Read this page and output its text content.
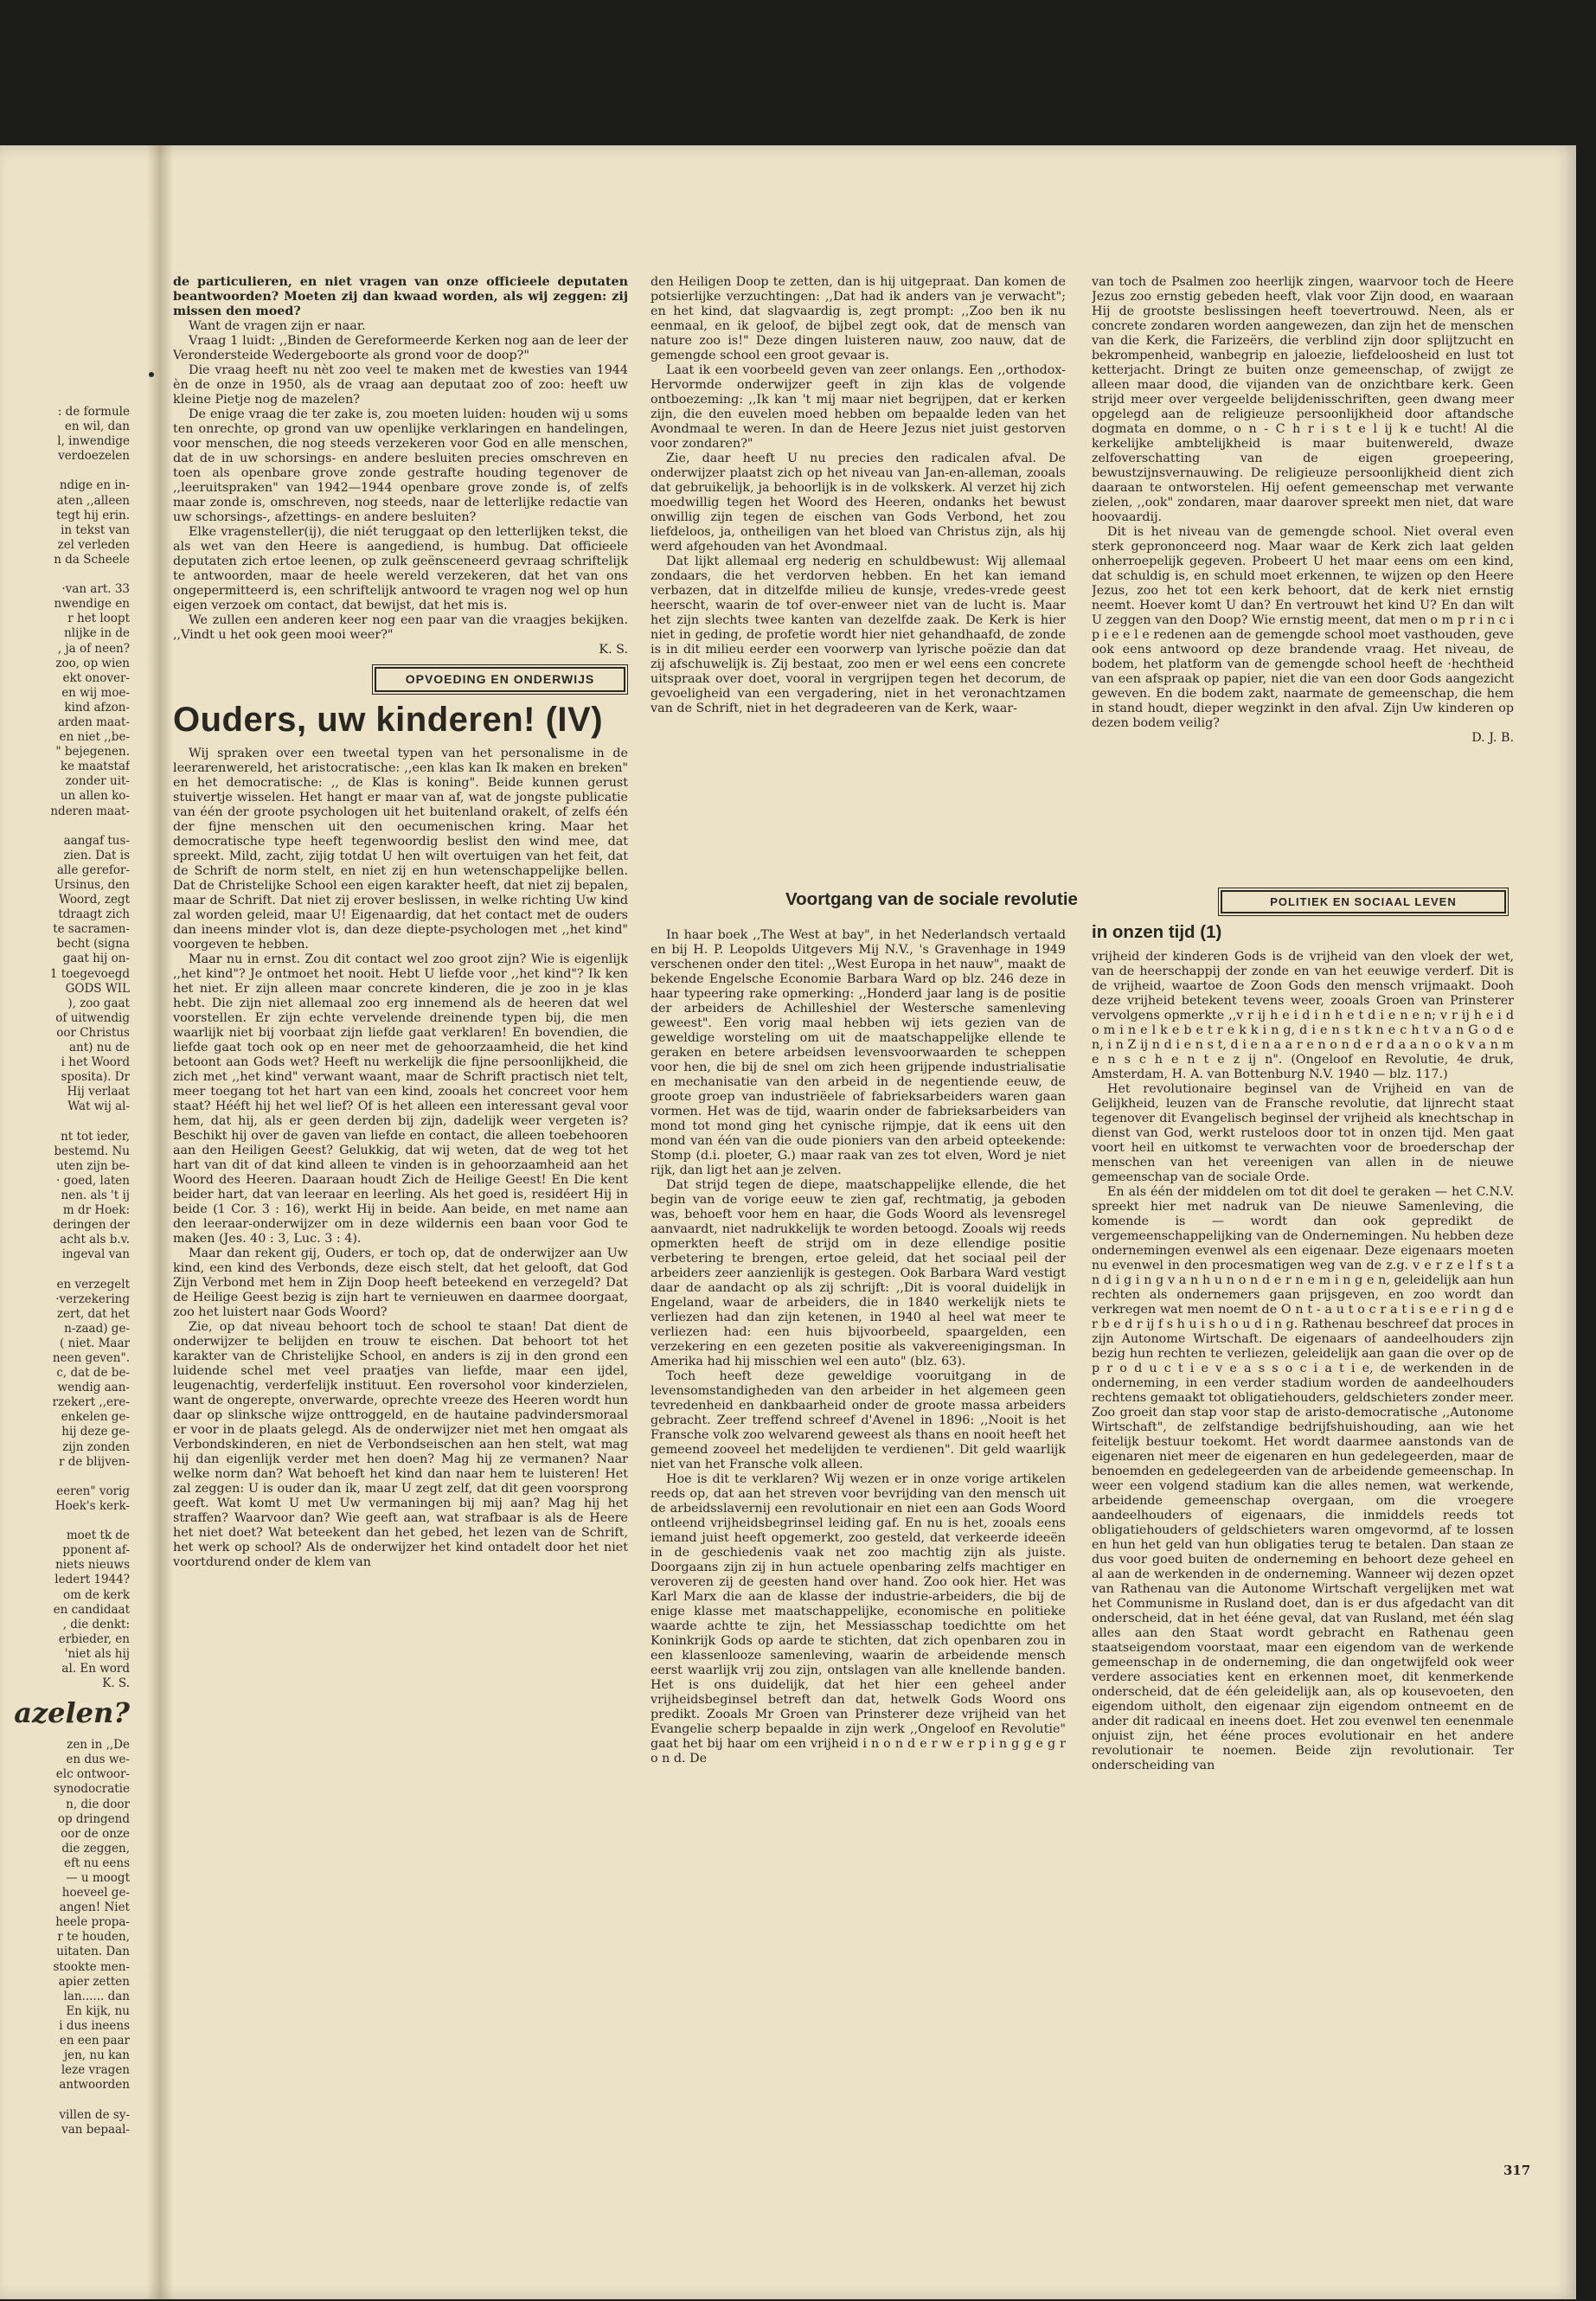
: de formule
en wil, dan
l, inwendige
verdoezelen

ndige en in-
aten ,,alleen
tegt hij erin.
in tekst van
zel verleden
n da Scheele

·van art. 33
nwendige en
r het loopt
nlijke in de
, ja of neen?
zoo, op wien
ekt onover-
en wij moe-
kind afzon-
arden maat-
en niet ,,be-
" bejegenen.
ke maatstaf
zonder uit-
un allen ko-
nderen maat-

aangaf tus-
zien. Dat is
alle gerefor-
Ursinus, den
Woord, zegt
tdraagt zich
te sacramen-
becht (signa
gaat hij on-
1 toegevoegd
GODS WIL
), zoo gaat
of uitwendig
oor Christus
ant) nu de
i het Woord
sposita). Dr
Hij verlaat
Wat wij al-

nt tot ieder,
bestemd. Nu
uten zijn be-
· goed, laten
nen. als 't ij
m dr Hoek:
deringen der
acht als b.v.
ingeval van

en verzegelt
·verzekering
zert, dat het
n-zaad) ge-
( niet. Maar
neen geven".
c, dat de be-
wendig aan-
rzekert ,,ere-
enkelen ge-
hij deze ge-
zijn zonden
r de blijven-

eeren" vorig
Hoek's kerk-

moet tk de
pponent af-
niets nieuws
ledert 1944?
om de kerk
en candidaat
, die denkt:
erbieder, en
'niet als hij
al. En word
K. S.
azelen?
zen in ,,De
en dus we-
elc ontwoor-
synodocratie
n, die door
op dringend
oor de onze
die zeggen,
eft nu eens
— u moogt
hoeveel ge-
angen! Niet
heele propa-
r te houden,
uitaten. Dan
stookte men-
apier zetten
lan...... dan
En kijk, nu
i dus ineens
en een paar
jen, nu kan
leze vragen
antwoorden

villen de sy-
van bepaal-

de particulieren, en niet vragen van onze officieele deputaten beantwoorden? Moeten zij dan kwaad worden, als wij zeggen: zij missen den moed?

Want de vragen zijn er naar.

Vraag 1 luidt: ,,Binden de Gereformeerde Kerken nog aan de leer der Verondersteide Wedergeboorte als grond voor de doop?"

Die vraag heeft nu nèt zoo veel te maken met de kwesties van 1944 èn de onze in 1950, als de vraag aan deputaat zoo of zoo: heeft uw kleine Pietje nog de mazelen?

De enige vraag die ter zake is, zou moeten luiden: houden wij u soms ten onrechte, op grond van uw openlijke verklaringen en handelingen, voor menschen, die nog steeds verzekeren voor God en alle menschen, dat de in uw schorsings- en andere besluiten precies omschreven en toen als openbare grove zonde gestrafte houding tegenover de ,,leeruitspraken" van 1942—1944 openbare grove zonde is, of zelfs maar zonde is, omschreven, nog steeds, naar de letterlijke redactie van uw schorsings-, afzettings- en andere besluiten?

Elke vragensteller(ij), die niét teruggaat op den letterlijken tekst, die als wet van den Heere is aangediend, is humbug. Dat officieele deputaten zich ertoe leenen, op zulk geënsceneerd gevraag schriftelijk te antwoorden, maar de heele wereld verzekeren, dat het van ons ongepermitteerd is, een schriftelijk antwoord te vragen nog wel op hun eigen verzoek om contact, dat bewijst, dat het mis is.

We zullen een anderen keer nog een paar van die vraagjes bekijken. ,,Vindt u het ook geen mooi weer?"

K. S.
OPVOEDING EN ONDERWIJS
Ouders, uw kinderen! (IV)

Wij spraken over een tweetal typen van het personalisme in de leerarenwereld, het aristocratische: ,,een klas kan Ik maken en breken" en het democratische: ,, de Klas is koning". Beide kunnen gerust stuivertje wisselen. Het hangt er maar van af, wat de jongste publicatie van één der groote psychologen uit het buitenland orakelt, of zelfs één der fijne menschen uit den oecumenischen kring. Maar het democratische type heeft tegenwoordig beslist den wind mee, dat spreekt. Mild, zacht, zijig totdat U hen wilt overtuigen van het feit, dat de Schrift de norm stelt, en niet zij en hun wetenschappelijke bellen. Dat de Christelijke School een eigen karakter heeft, dat niet zij bepalen, maar de Schrift. Dat niet zij erover beslissen, in welke richting Uw kind zal worden geleid, maar U! Eigenaardig, dat het contact met de ouders dan ineens minder vlot is, dan deze diepte-psychologen met ,,het kind" voorgeven te hebben.

Maar nu in ernst. Zou dit contact wel zoo groot zijn? Wie is eigenlijk ,,het kind"? Je ontmoet het nooit. Hebt U liefde voor ,,het kind"? Ik ken het niet. Er zijn alleen maar concrete kinderen, die je zoo in je klas hebt. Die zijn niet allemaal zoo erg innemend als de heeren dat wel voorstellen. Er zijn echte vervelende dreinende typen bij, die men waarlijk niet bij voorbaat zijn liefde gaat verklaren! En bovendien, die liefde gaat toch ook op en neer met de gehoorzaamheid, die het kind betoont aan Gods wet? Heeft nu werkelijk die fijne persoonlijkheid, die zich met ,,het kind" verwant waant, maar de Schrift practisch niet telt, meer toegang tot het hart van een kind, zooals het concreet voor hem staat? Hééft hij het wel lief? Of is het alleen een interessant geval voor hem, dat hij, als er geen derden bij zijn, dadelijk weer vergeten is? Beschikt hij over de gaven van liefde en contact, die alleen toebehooren aan den Heiligen Geest? Gelukkig, dat wij weten, dat de weg tot het hart van dit of dat kind alleen te vinden is in gehoorzaamheid aan het Woord des Heeren. Daaraan houdt Zich de Heilige Geest! En Die kent beider hart, dat van leeraar en leerling. Als het goed is, residéert Hij in beide (1 Cor. 3 : 16), werkt Hij in beide. Aan beide, en met name aan den leeraar-onderwijzer om in deze wildernis een baan voor God te maken (Jes. 40 : 3, Luc. 3 : 4).

Maar dan rekent gij, Ouders, er toch op, dat de onderwijzer aan Uw kind, een kind des Verbonds, deze eisch stelt, dat het gelooft, dat God Zijn Verbond met hem in Zijn Doop heeft beteekend en verzegeld? Dat de Heilige Geest bezig is zijn hart te vernieuwen en daarmee doorgaat, zoo het luistert naar Gods Woord?

Zie, op dat niveau behoort toch de school te staan! Dat dient de onderwijzer te belijden en trouw te eischen. Dat behoort tot het karakter van de Christelijke School, en anders is zij in den grond een luidende schel met veel praatjes van liefde, maar een ijdel, leugenachtig, verderfelijk instituut. Een roversohol voor kinderzielen, want de ongerepte, onverwarde, oprechte vreeze des Heeren wordt hun daar op slinksche wijze onttroggeld, en de hautaine padvindersmoraal er voor in de plaats gelegd. Als de onderwijzer niet met hen omgaat als Verbondskinderen, en niet de Verbondseischen aan hen stelt, wat mag hij dan eigenlijk verder met hen doen? Mag hij ze vermanen? Naar welke norm dan? Wat behoeft het kind dan naar hem te luisteren! Het zal zeggen: U is ouder dan ik, maar U zegt zelf, dat dit geen voorsprong geeft. Wat komt U met Uw vermaningen bij mij aan? Mag hij het straffen? Waarvoor dan? Wie geeft aan, wat strafbaar is als de Heere het niet doet? Wat beteekent dan het gebed, het lezen van de Schrift, het werk op school? Als de onderwijzer het kind ontadelt door het niet voortdurend onder de klem van

den Heiligen Doop te zetten, dan is hij uitgepraat. Dan komen de potsierlijke verzuchtingen: ,,Dat had ik anders van je verwacht"; en het kind, dat slagvaardig is, zegt prompt: ,,Zoo ben ik nu eenmaal, en ik geloof, de bijbel zegt ook, dat de mensch van nature zoo is!" Deze dingen luisteren nauw, zoo nauw, dat de gemengde school een groot gevaar is.

Laat ik een voorbeeld geven van zeer onlangs. Een ,,orthodox-Hervormde onderwijzer geeft in zijn klas de volgende ontboezeming: ,,Ik kan 't mij maar niet begrijpen, dat er kerken zijn, die den euvelen moed hebben om bepaalde leden van het Avondmaal te weren. In dan de Heere Jezus niet juist gestorven voor zondaren?"

Zie, daar heeft U nu precies den radicalen afval. De onderwijzer plaatst zich op het niveau van Jan-en-alleman, zooals dat gebruikelijk, ja behoorlijk is in de volkskerk. Al verzet hij zich moedwillig tegen het Woord des Heeren, ondanks het bewust onwillig zijn tegen de eischen van Gods Verbond, het zou liefdeloos, ja, ontheiligen van het bloed van Christus zijn, als hij werd afgehouden van het Avondmaal.

Dat lijkt allemaal erg nederig en schuldbewust: Wij allemaal zondaars, die het verdorven hebben. En het kan iemand verbazen, dat in ditzelfde milieu de kunsje, vredes-vrede geest heerscht, waarin de tof over-enweer niet van de lucht is. Maar het zijn slechts twee kanten van dezelfde zaak. De Kerk is hier niet in geding, de profetie wordt hier niet gehandhaafd, de zonde is in dit milieu eerder een voorwerp van lyrische poëzie dan dat zij afschuwelijk is. Zij bestaat, zoo men er wel eens een concrete uitspraak over doet, vooral in vergrijpen tegen het decorum, de gevoeligheid van een vergadering, niet in het veronachtzamen van de Schrift, niet in het degradeeren van de Kerk, waar-

van toch de Psalmen zoo heerlijk zingen, waarvoor toch de Heere Jezus zoo ernstig gebeden heeft, vlak voor Zijn dood, en waaraan Hij de grootste beslissingen heeft toevertrouwd. Neen, als er concrete zondaren worden aangewezen, dan zijn het de menschen van die Kerk, die Farizeërs, die verblind zijn door splijtzucht en bekrompenheid, wanbegrip en jaloezie, liefdeloosheid en lust tot ketterjacht. Dringt ze buiten onze gemeenschap, of zwijgt ze alleen maar dood, die vijanden van de onzichtbare kerk. Geen strijd meer over vergeelde belijdenisschriften, geen dwang meer opgelegd aan de religieuze persoonlijkheid door aftandsche dogmata en domme, o n - C h r i s t e l ij k e tucht! Al die kerkelijke ambtelijkheid is maar buitenwereld, dwaze zelfoverschatting van de eigen groepeering, bewustzijnsvernauwing. De religieuze persoonlijkheid dient zich daaraan te ontworstelen. Hij oefent gemeenschap met verwante zielen, ,,ook" zondaren, maar daarover spreekt men niet, dat ware hoovaardij.

Dit is het niveau van de gemengde school. Niet overal even sterk geprononceerd nog. Maar waar de Kerk zich laat gelden onherroepelijk gegeven. Probeert U het maar eens om een kind, dat schuldig is, en schuld moet erkennen, te wijzen op den Heere Jezus, zoo het tot een kerk behoort, dat de kerk niet ernstig neemt. Hoever komt U dan? En vertrouwt het kind U? En dan wilt U zeggen van den Doop? Wie ernstig meent, dat men o m p r i n c i p i e e l e redenen aan de gemengde school moet vasthouden, geve ook eens antwoord op deze brandende vraag. Het niveau, de bodem, het platform van de gemengde school heeft de ·hechtheid van een afspraak op papier, niet die van een door Gods aangezicht geweven. En die bodem zakt, naarmate de gemeenschap, die hem in stand houdt, dieper wegzinkt in den afval. Zijn Uw kinderen op dezen bodem veilig?

D. J. B.
Voortgang van de sociale revolutie
in onzen tijd (1)
POLITIEK EN SOCIAAL LEVEN

In haar boek ,,The West at bay", in het Nederlandsch vertaald en bij H. P. Leopolds Uitgevers Mij N.V., 's Gravenhage in 1949 verschenen onder den titel: ,,West Europa in het nauw", maakt de bekende Engelsche Economie Barbara Ward op blz. 246 deze in haar typeering rake opmerking: ,,Honderd jaar lang is de positie der arbeiders de Achilleshiel der Westersche samenleving geweest". Een vorig maal hebben wij iets gezien van de geweldige worsteling om uit de maatschappelijke ellende te geraken en betere arbeidsen levensvoorwaarden te scheppen voor hen, die bij de snel om zich heen grijpende industrialisatie en mechanisatie van den arbeid in de negentiende eeuw, de groote groep van industriëele of fabrieksarbeiders waren gaan vormen. Het was de tijd, waarin onder de fabrieksarbeiders van mond tot mond ging het cynische rijmpje, dat ik eens uit den mond van één van die oude pioniers van den arbeid opteekende: Stomp (d.i. ploeter, G.) maar raak van zes tot elven, Word je niet rijk, dan ligt het aan je zelven.

Dat strijd tegen de diepe, maatschappelijke ellende, die het begin van de vorige eeuw te zien gaf, rechtmatig, ja geboden was, behoeft voor hem en haar, die Gods Woord als levensregel aanvaardt, niet nadrukkelijk te worden betoogd. Zooals wij reeds opmerkten heeft de strijd om in deze ellendige positie verbetering te brengen, ertoe geleid, dat het sociaal peil der arbeiders zeer aanzienlijk is gestegen. Ook Barbara Ward vestigt daar de aandacht op als zij schrijft: ,,Dit is vooral duidelijk in Engeland, waar de arbeiders, die in 1840 werkelijk niets te verliezen had dan zijn ketenen, in 1940 al heel wat meer te verliezen had: een huis bijvoorbeeld, spaargelden, een verzekering en een gezeten positie als vakvereenigingsman. In Amerika had hij misschien wel een auto" (blz. 63).

Toch heeft deze geweldige vooruitgang in de levensomstandigheden van den arbeider in het algemeen geen tevredenheid en dankbaarheid onder de groote massa arbeiders gebracht. Zeer treffend schreef d'Avenel in 1896: ,,Nooit is het Fransche volk zoo welvarend geweest als thans en nooit heeft het gemeend zooveel het medelijden te verdienen". Dit geld waarlijk niet van het Fransche volk alleen.

Hoe is dit te verklaren? Wij wezen er in onze vorige artikelen reeds op, dat aan het streven voor bevrijding van den mensch uit de arbeidsslavernij een revolutionair en niet een aan Gods Woord ontleend vrijheidsbegrinsel leiding gaf. En nu is het, zooals eens iemand juist heeft opgemerkt, zoo gesteld, dat verkeerde ideeën in de geschiedenis vaak net zoo machtig zijn als juiste. Doorgaans zijn zij in hun actuele openbaring zelfs machtiger en veroveren zij de geesten hand over hand. Zoo ook hier. Het was Karl Marx die aan de klasse der industrie-arbeiders, die bij de enige klasse met maatschappelijke, economische en politieke waarde achtte te zijn, het Messiasschap toedichtte om het Koninkrijk Gods op aarde te stichten, dat zich openbaren zou in een klassenlooze samenleving, waarin de arbeidende mensch eerst waarlijk vrij zou zijn, ontslagen van alle knellende banden. Het is ons duidelijk, dat het hier een geheel ander vrijheidsbeginsel betreft dan dat, hetwelk Gods Woord ons predikt. Zooals Mr Groen van Prinsterer deze vrijheid van het Evangelie scherp bepaalde in zijn werk ,,Ongeloof en Revolutie" gaat het bij haar om een vrijheid i n o n d e r w e r p i n g g e g r o n d. De

vrijheid der kinderen Gods is de vrijheid van den vloek der wet, van de heerschappij der zonde en van het eeuwige verderf. Dit is de vrijheid, waartoe de Zoon Gods den mensch vrijmaakt. Dooh deze vrijheid betekent tevens weer, zooals Groen van Prinsterer vervolgens opmerkte ,,v r ij h e i d i n h e t d i e n e n; v r ij h e i d o m i n e l k e b e t r e k k i n g, d i e n s t k n e c h t v a n G o d e n, i n Z ij n d i e n s t, d i e n a a r e n o n d e r d a a n o o k v a n m e n s c h e n t e z ij n". (Ongeloof en Revolutie, 4e druk, Amsterdam, H. A. van Bottenburg N.V. 1940 — blz. 117.)

Het revolutionaire beginsel van de Vrijheid en van de Gelijkheid, leuzen van de Fransche revolutie, dat lijnrecht staat tegenover dit Evangelisch beginsel der vrijheid als knechtschap in dienst van God, werkt rusteloos door tot in onzen tijd. Men gaat voort heil en uitkomst te verwachten voor de broederschap der menschen van het vereenigen van allen in de nieuwe gemeenschap van de sociale Orde.

En als één der middelen om tot dit doel te geraken — het C.N.V. spreekt hier met nadruk van De nieuwe Samenleving, die komende is — wordt dan ook gepredikt de vergemeenschappelijking van de Ondernemingen. Nu hebben deze ondernemingen evenwel als een eigenaar. Deze eigenaars moeten nu evenwel in den procesmatigen weg van de z.g. v e r z e l f s t a n d i g i n g v a n h u n o n d e r n e m i n g e n, geleidelijk aan hun rechten als ondernemers gaan prijsgeven, en zoo wordt dan verkregen wat men noemt de O n t - a u t o c r a t i s e e r i n g d e r b e d r ij f s h u i s h o u d i n g. Rathenau beschreef dat proces in zijn Autonome Wirtschaft. De eigenaars of aandeelhouders zijn bezig hun rechten te verliezen, geleidelijk aan gaan die over op de p r o d u c t i e v e a s s o c i a t i e, de werkenden in de onderneming, in een verder stadium worden de aandeelhouders rechtens gemaakt tot obligatiehouders, geldschieters zonder meer. Zoo groeit dan stap voor stap de aristo-democratische ,,Autonome Wirtschaft", de zelfstandige bedrijfshuishouding, aan wie het feitelijk bestuur toekomt. Het wordt daarmee aanstonds van de eigenaren niet meer de eigenaren en hun gedelegeerden, maar de benoemden en gedelegeerden van de arbeidende gemeenschap. In weer een volgend stadium kan die alles nemen, wat werkende, arbeidende gemeenschap overgaan, om die vroegere aandeelhouders of eigenaars, die inmiddels reeds tot obligatiehouders of geldschieters waren omgevormd, af te lossen en hun het geld van hun obligaties terug te betalen. Dan staan ze dus voor goed buiten de onderneming en behoort deze geheel en al aan de werkenden in de onderneming. Wanneer wij dezen opzet van Rathenau van die Autonome Wirtschaft vergelijken met wat het Communisme in Rusland doet, dan is er dus afgedacht van dit onderscheid, dat in het ééne geval, dat van Rusland, met één slag alles aan den Staat wordt gebracht en Rathenau geen staatseigendom voorstaat, maar een eigendom van de werkende gemeenschap in de onderneming, die dan ongetwijfeld ook weer verdere associaties kent en erkennen moet, dit kenmerkende onderscheid, dat de één geleidelijk aan, als op kousevoeten, den eigendom uitholt, den eigenaar zijn eigendom ontneemt en de ander dit radicaal en ineens doet. Het zou evenwel ten eenenmale onjuist zijn, het ééne proces evolutionair en het andere revolutionair te noemen. Beide zijn revolutionair. Ter onderscheiding van

317
